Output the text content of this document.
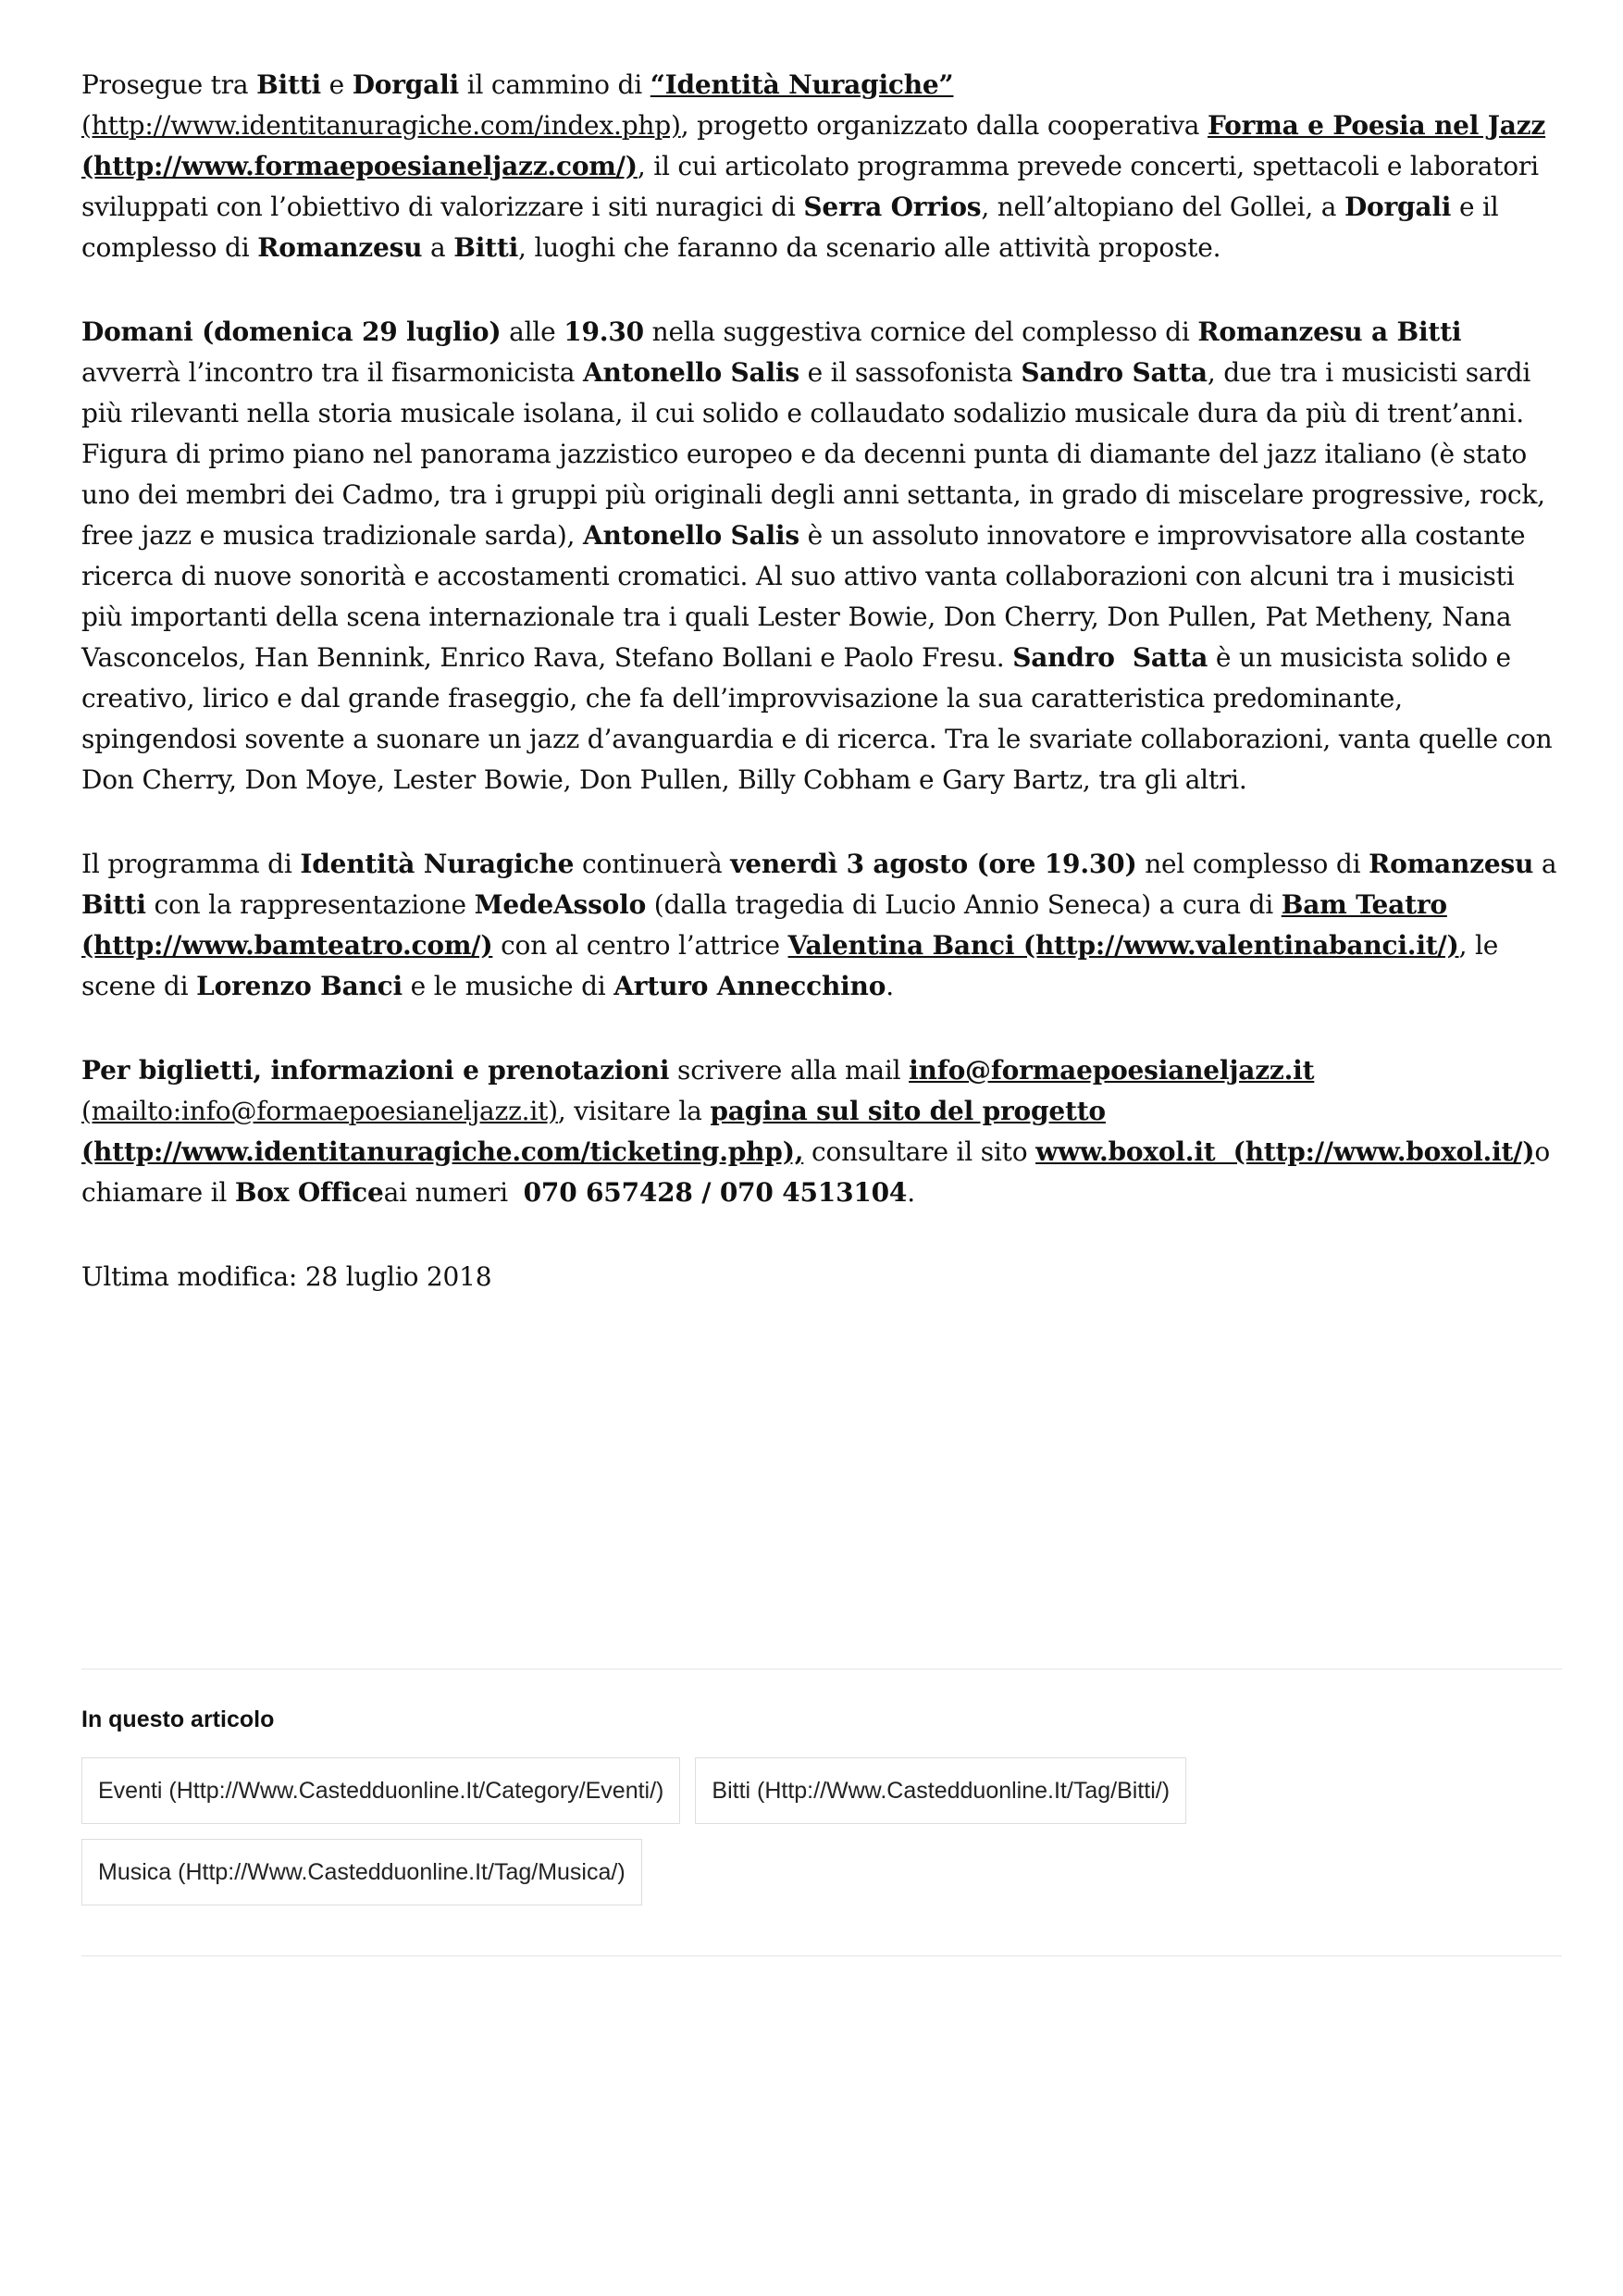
Prosegue tra Bitti e Dorgali il cammino di “Identità Nuragiche” (http://www.identitanuragiche.com/index.php), progetto organizzato dalla cooperativa Forma e Poesia nel Jazz (http://www.formaepoesianeljazz.com/), il cui articolato programma prevede concerti, spettacoli e laboratori sviluppati con l’obiettivo di valorizzare i siti nuragici di Serra Orrios, nell’altopiano del Gollei, a Dorgali e il complesso di Romanzesu a Bitti, luoghi che faranno da scenario alle attività proposte.

Domani (domenica 29 luglio) alle 19.30 nella suggestiva cornice del complesso di Romanzesu a Bitti avverrà l’incontro tra il fisarmonicista Antonello Salis e il sassofonista Sandro Satta, due tra i musicisti sardi più rilevanti nella storia musicale isolana, il cui solido e collaudato sodalizio musicale dura da più di trent’anni. Figura di primo piano nel panorama jazzistico europeo e da decenni punta di diamante del jazz italiano (è stato uno dei membri dei Cadmo, tra i gruppi più originali degli anni settanta, in grado di miscelare progressive, rock, free jazz e musica tradizionale sarda), Antonello Salis è un assoluto innovatore e improvvisatore alla costante ricerca di nuove sonorità e accostamenti cromatici. Al suo attivo vanta collaborazioni con alcuni tra i musicisti più importanti della scena internazionale tra i quali Lester Bowie, Don Cherry, Don Pullen, Pat Metheny, Nana Vasconcelos, Han Bennink, Enrico Rava, Stefano Bollani e Paolo Fresu. Sandro  Satta è un musicista solido e creativo, lirico e dal grande fraseggio, che fa dell’improvvisazione la sua caratteristica predominante, spingendosi sovente a suonare un jazz d’avanguardia e di ricerca. Tra le svariate collaborazioni, vanta quelle con Don Cherry, Don Moye, Lester Bowie, Don Pullen, Billy Cobham e Gary Bartz, tra gli altri.

Il programma di Identità Nuragiche continuerà venerdì 3 agosto (ore 19.30) nel complesso di Romanzesu a Bitti con la rappresentazione MedeAssolo (dalla tragedia di Lucio Annio Seneca) a cura di Bam Teatro (http://www.bamteatro.com/) con al centro l’attrice Valentina Banci (http://www.valentinabanci.it/), le scene di Lorenzo Banci e le musiche di Arturo Annecchino.

Per biglietti, informazioni e prenotazioni scrivere alla mail info@formaepoesianeljazz.it (mailto:info@formaepoesianeljazz.it), visitare la pagina sul sito del progetto (http://www.identitanuragiche.com/ticketing.php), consultare il sito www.boxol.it  (http://www.boxol.it/)o chiamare il Box Officeai numeri 070 657428 / 070 4513104.

Ultima modifica: 28 luglio 2018

In questo articolo
Eventi (Http://Www.Castedduonline.It/Category/Eventi/)	Bitti (Http://Www.Castedduonline.It/Tag/Bitti/)
Musica (Http://Www.Castedduonline.It/Tag/Musica/)
